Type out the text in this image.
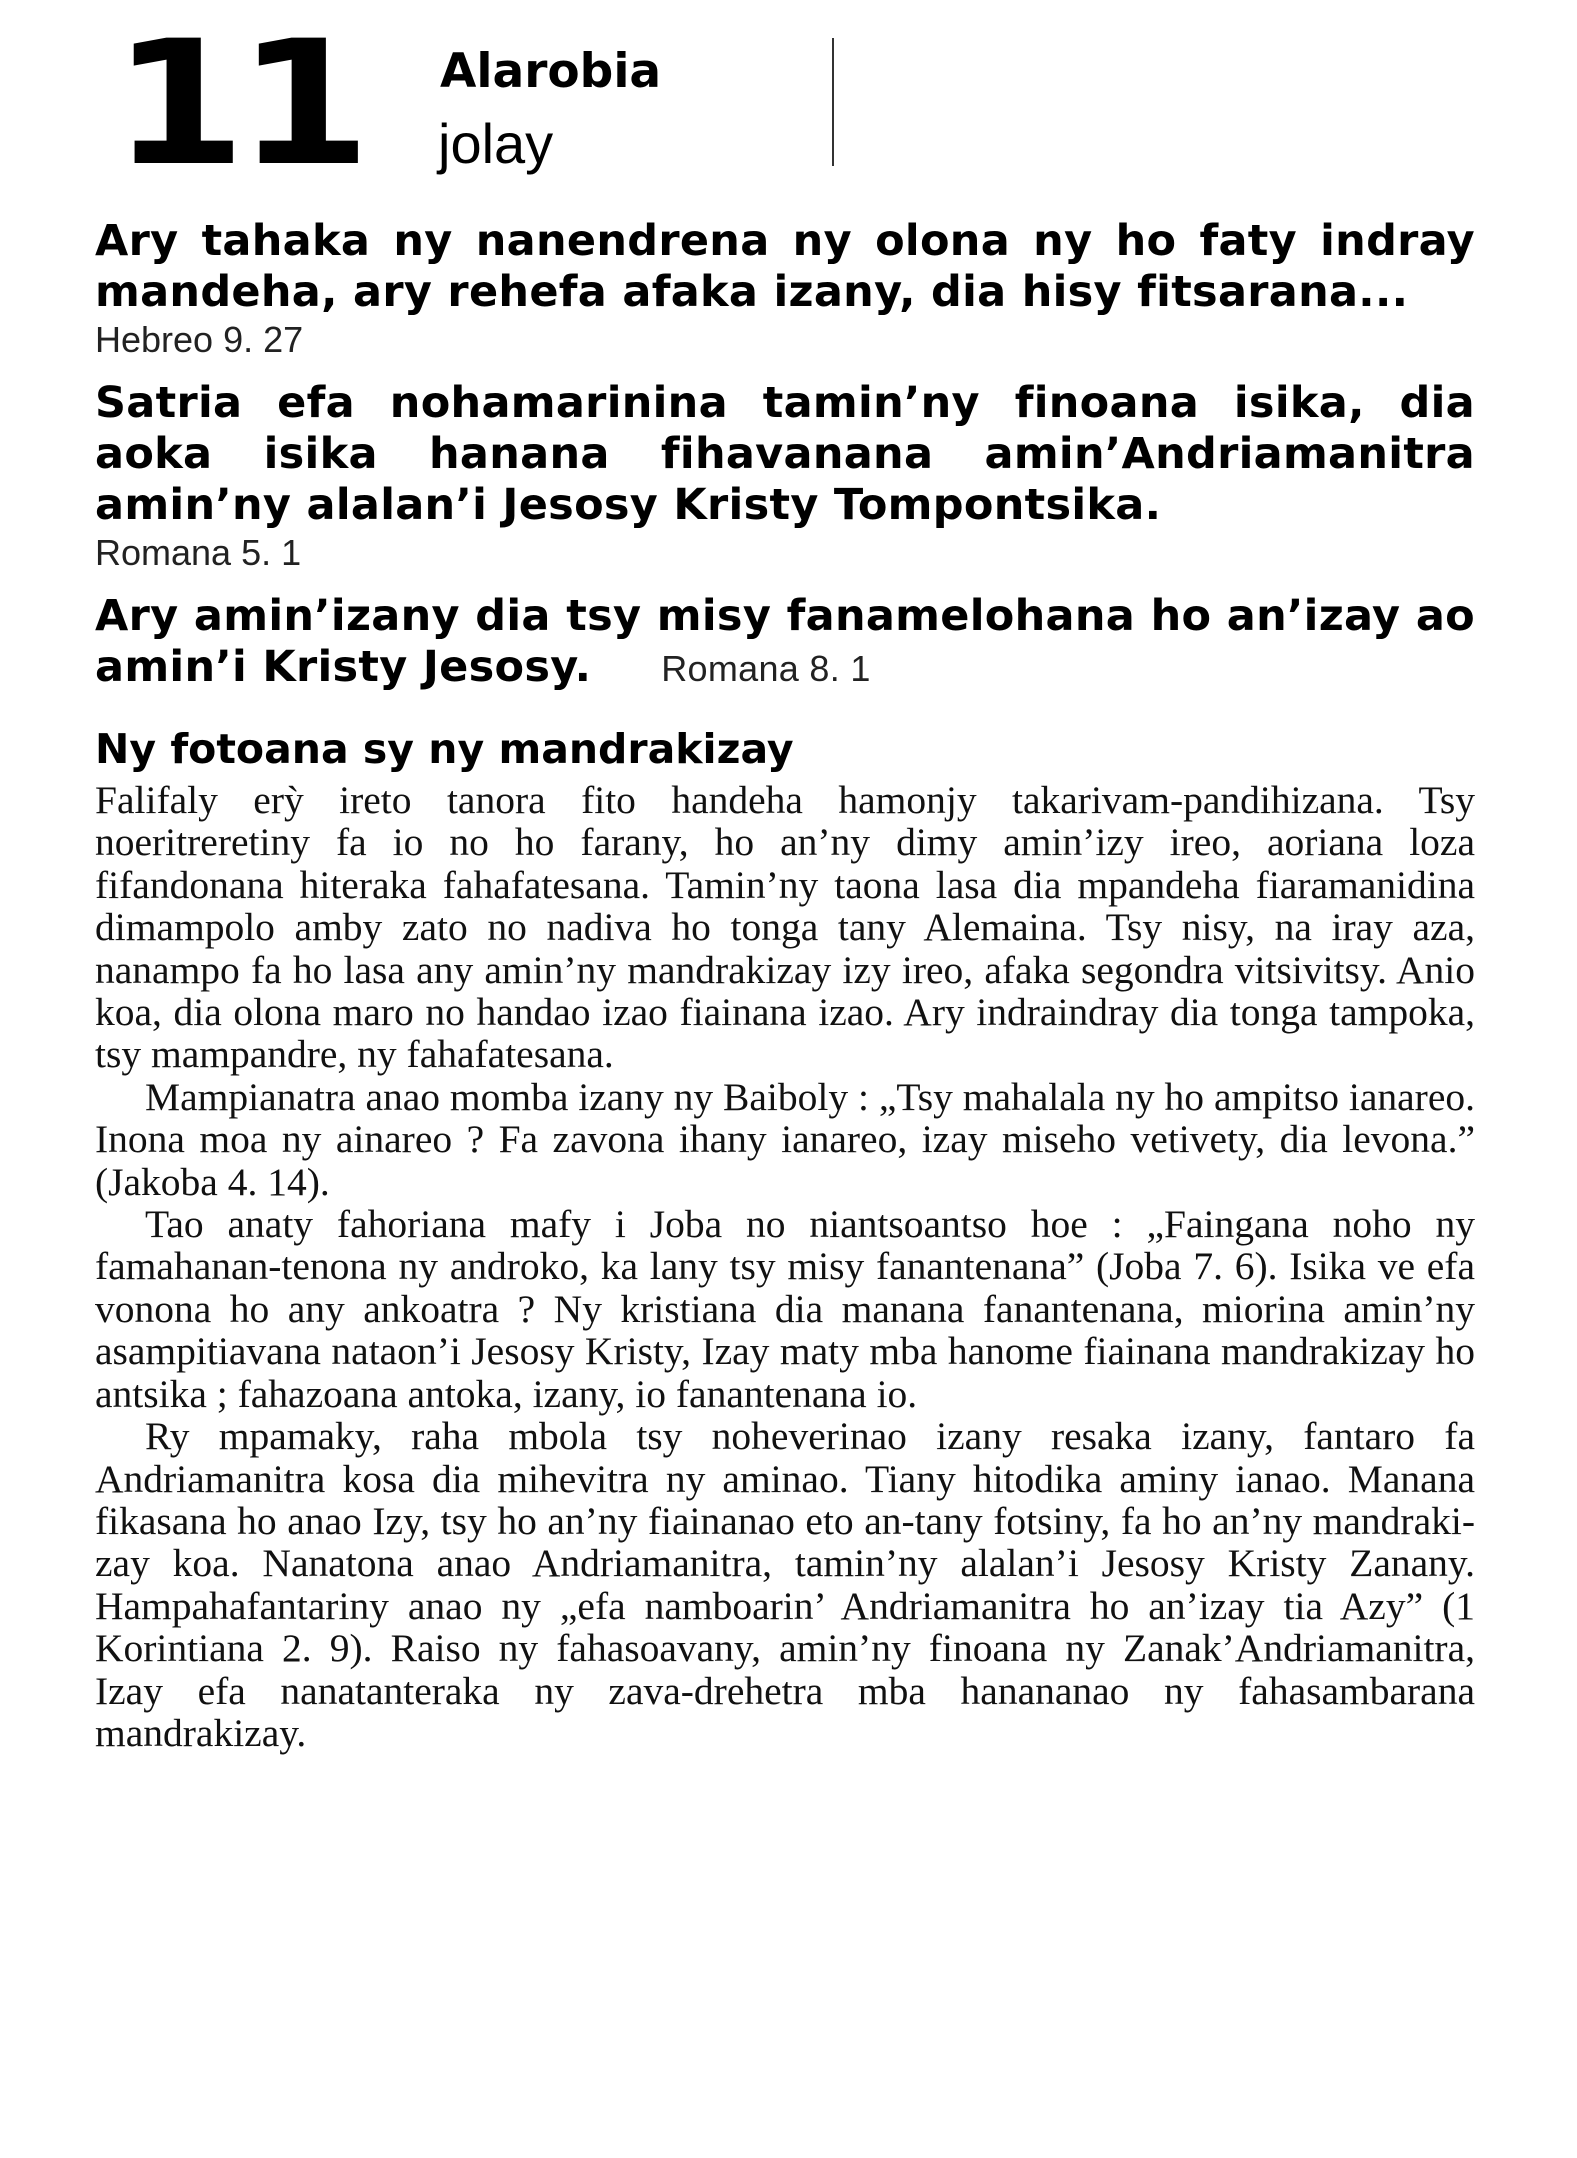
11 Alarobia
jolay
Ary tahaka ny nanendrena ny olona ny ho faty indray mandeha, ary rehefa afaka izany, dia hisy fitsarana...
Hebreo 9. 27
Satria efa nohamarinina tamin’ny finoana isika, dia aoka isika hanana fihavanana amin’Andriamanitra amin’ny alalan’i Jesosy Kristy Tompontsika.
Romana 5. 1
Ary amin’izany dia tsy misy fanamelohana ho an’izay ao amin’i Kristy Jesosy. Romana 8. 1
Ny fotoana sy ny mandrakizay

Falifaly erỳ ireto tanora fito handeha hamonjy takarivam-pandihizana. Tsy noeritreretiny fa io no ho farany, ho an’ny dimy amin’izy ireo, aoriana loza fifandonana hiteraka fahafatesana. Tamin’ny taona lasa dia mpandeha fiaramanidina dimampolo amby zato no nadiva ho tonga tany Alemaina. Tsy nisy, na iray aza, nanampo fa ho lasa any amin’ny mandrakizay izy ireo, afaka segondra vitsivitsy. Anio koa, dia olona maro no handao izao fiainana izao. Ary indraindray dia tonga tampoka, tsy mampandre, ny fahafatesana.

Mampianatra anao momba izany ny Baiboly : „Tsy mahalala ny ho ampitso ianareo. Inona moa ny ainareo ? Fa zavona ihany ianareo, izay miseho vetivety, dia levona.” (Jakoba 4. 14).

Tao anaty fahoriana mafy i Joba no niantsoantso hoe : „Faingana noho ny famahanan-tenona ny androko, ka lany tsy misy fanantenana” (Joba 7. 6). Isika ve efa vonona ho any ankoatra ? Ny kristiana dia manana fanantenana, miorina amin’ny asampitiavana nataon’i Jesosy Kristy, Izay maty mba hanome fiainana mandrakizay ho antsika ; fahazoana antoka, izany, io fanantenana io.

Ry mpamaky, raha mbola tsy noheverinao izany resaka izany, fantaro fa Andriamanitra kosa dia mihevitra ny aminao. Tiany hitodika aminy ianao. Manana fikasana ho anao Izy, tsy ho an’ny fiainanao eto an-tany fotsiny, fa ho an’ny mandrakizay koa. Nanatona anao Andriamanitra, tamin’ny alalan’i Jesosy Kristy Zanany. Hampahafantariny anao ny „efa namboarin’ Andriamanitra ho an’izay tia Azy” (1 Korintiana 2. 9). Raiso ny fahasoavany, amin’ny finoana ny Zanak’Andriamanitra, Izay efa nanatanteraka ny zava-drehetra mba hanananao ny fahasambarana mandrakizay.
